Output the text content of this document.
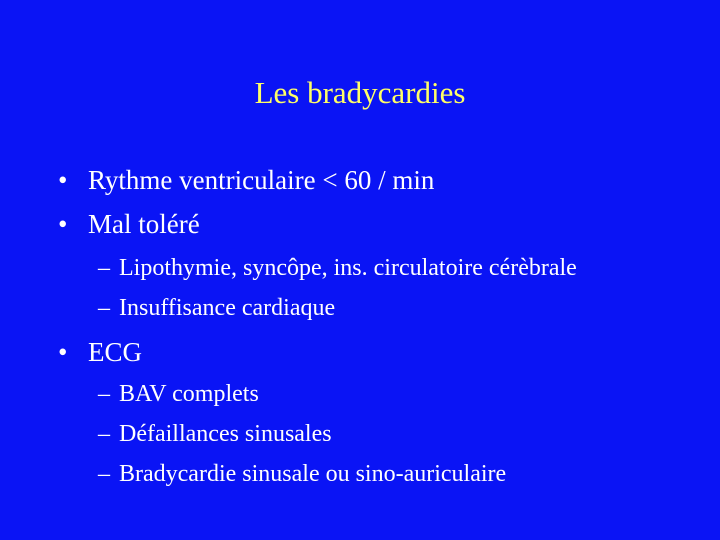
Les bradycardies
• Rythme ventriculaire < 60 / min
• Mal toléré
– Lipothymie, syncôpe, ins. circulatoire cérèbrale
– Insuffisance cardiaque
• ECG
– BAV complets
– Défaillances sinusales
– Bradycardie sinusale ou sino-auriculaire
